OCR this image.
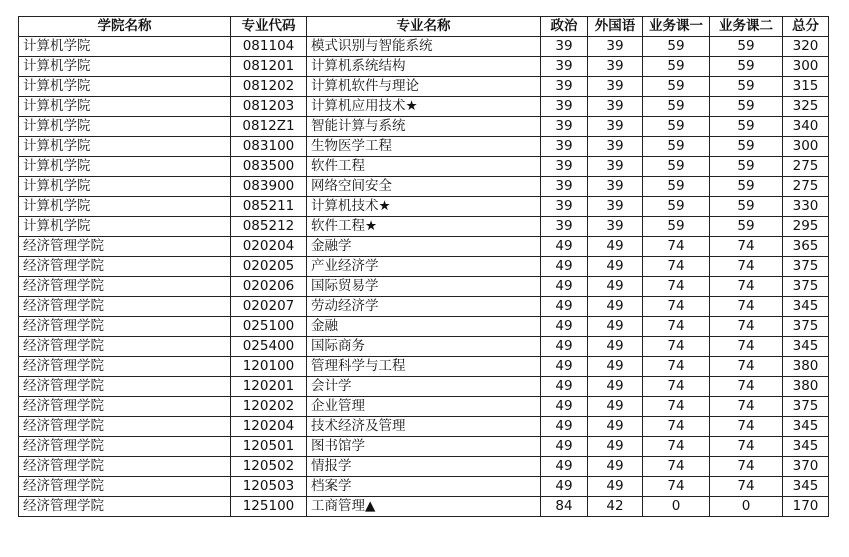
学院名称	专业代码	专业名称	政治	外国语	业务课一	业务课二	总分
计算机学院	081104	模式识别与智能系统	39	39	59	59	320
计算机学院	081201	计算机系统结构	39	39	59	59	300
计算机学院	081202	计算机软件与理论	39	39	59	59	315
计算机学院	081203	计算机应用技术★	39	39	59	59	325
计算机学院	0812Z1	智能计算与系统	39	39	59	59	340
计算机学院	083100	生物医学工程	39	39	59	59	300
计算机学院	083500	软件工程	39	39	59	59	275
计算机学院	083900	网络空间安全	39	39	59	59	275
计算机学院	085211	计算机技术★	39	39	59	59	330
计算机学院	085212	软件工程★	39	39	59	59	295
经济管理学院	020204	金融学	49	49	74	74	365
经济管理学院	020205	产业经济学	49	49	74	74	375
经济管理学院	020206	国际贸易学	49	49	74	74	375
经济管理学院	020207	劳动经济学	49	49	74	74	345
经济管理学院	025100	金融	49	49	74	74	375
经济管理学院	025400	国际商务	49	49	74	74	345
经济管理学院	120100	管理科学与工程	49	49	74	74	380
经济管理学院	120201	会计学	49	49	74	74	380
经济管理学院	120202	企业管理	49	49	74	74	375
经济管理学院	120204	技术经济及管理	49	49	74	74	345
经济管理学院	120501	图书馆学	49	49	74	74	345
经济管理学院	120502	情报学	49	49	74	74	370
经济管理学院	120503	档案学	49	49	74	74	345
经济管理学院	125100	工商管理▲	84	42	0	0	170
